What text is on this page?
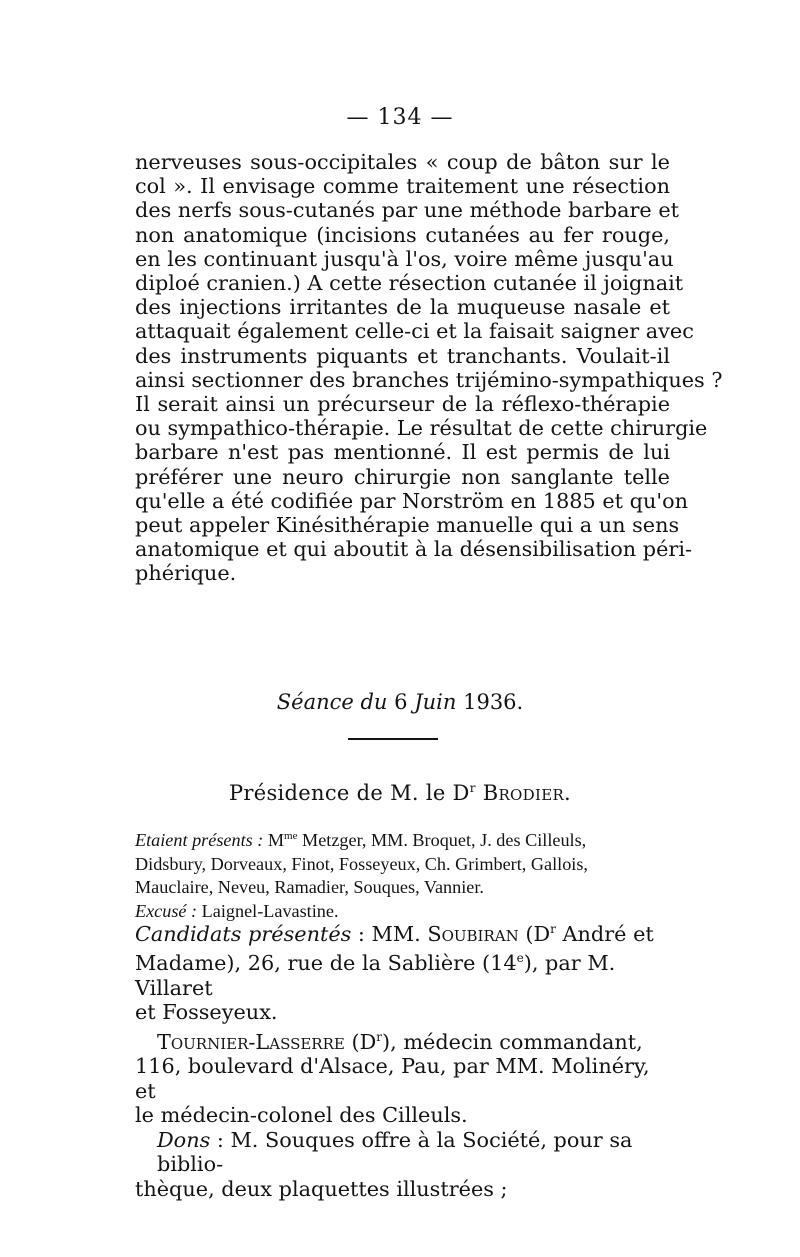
— 134 —

nerveuses sous-occipitales « coup de bâton sur le
col ». Il envisage comme traitement une résection
des nerfs sous-cutanés par une méthode barbare et
non anatomique (incisions cutanées au fer rouge,
en les continuant jusqu'à l'os, voire même jusqu'au
diploé cranien.) A cette résection cutanée il joignait
des injections irritantes de la muqueuse nasale et
attaquait également celle-ci et la faisait saigner avec
des instruments piquants et tranchants. Voulait-il
ainsi sectionner des branches trijémino-sympathiques ?
Il serait ainsi un précurseur de la réflexo-thérapie
ou sympathico-thérapie. Le résultat de cette chirurgie
barbare n'est pas mentionné. Il est permis de lui
préférer une neuro chirurgie non sanglante telle
qu'elle a été codifiée par Norström en 1885 et qu'on
peut appeler Kinésithérapie manuelle qui a un sens
anatomique et qui aboutit à la désensibilisation péri-
phérique.

Séance du 6 Juin 1936.

Présidence de M. le $D^r$ Brodier.

Etaient présents : $M^{me}$ Metzger, MM. Broquet, J. des Cilleuls,
Didsbury, Dorveaux, Finot, Fosseyeux, Ch. Grimbert, Gallois,
Mauclaire, Neveu, Ramadier, Souques, Vannier.
Excusé : Laignel-Lavastine.

Candidats présentés : MM. Soubiran ($D^r$ André et
Madame), 26, rue de la Sablière (14e), par M. Villaret
et Fosseyeux.
Tournier-Lasserre $(D^r)$, médecin commandant,
116, boulevard d'Alsace, Pau, par MM. Molinéry, et
le médecin-colonel des Cilleuls.
Dons : M. Souques offre à la Société, pour sa biblio-
thèque, deux plaquettes illustrées ;
